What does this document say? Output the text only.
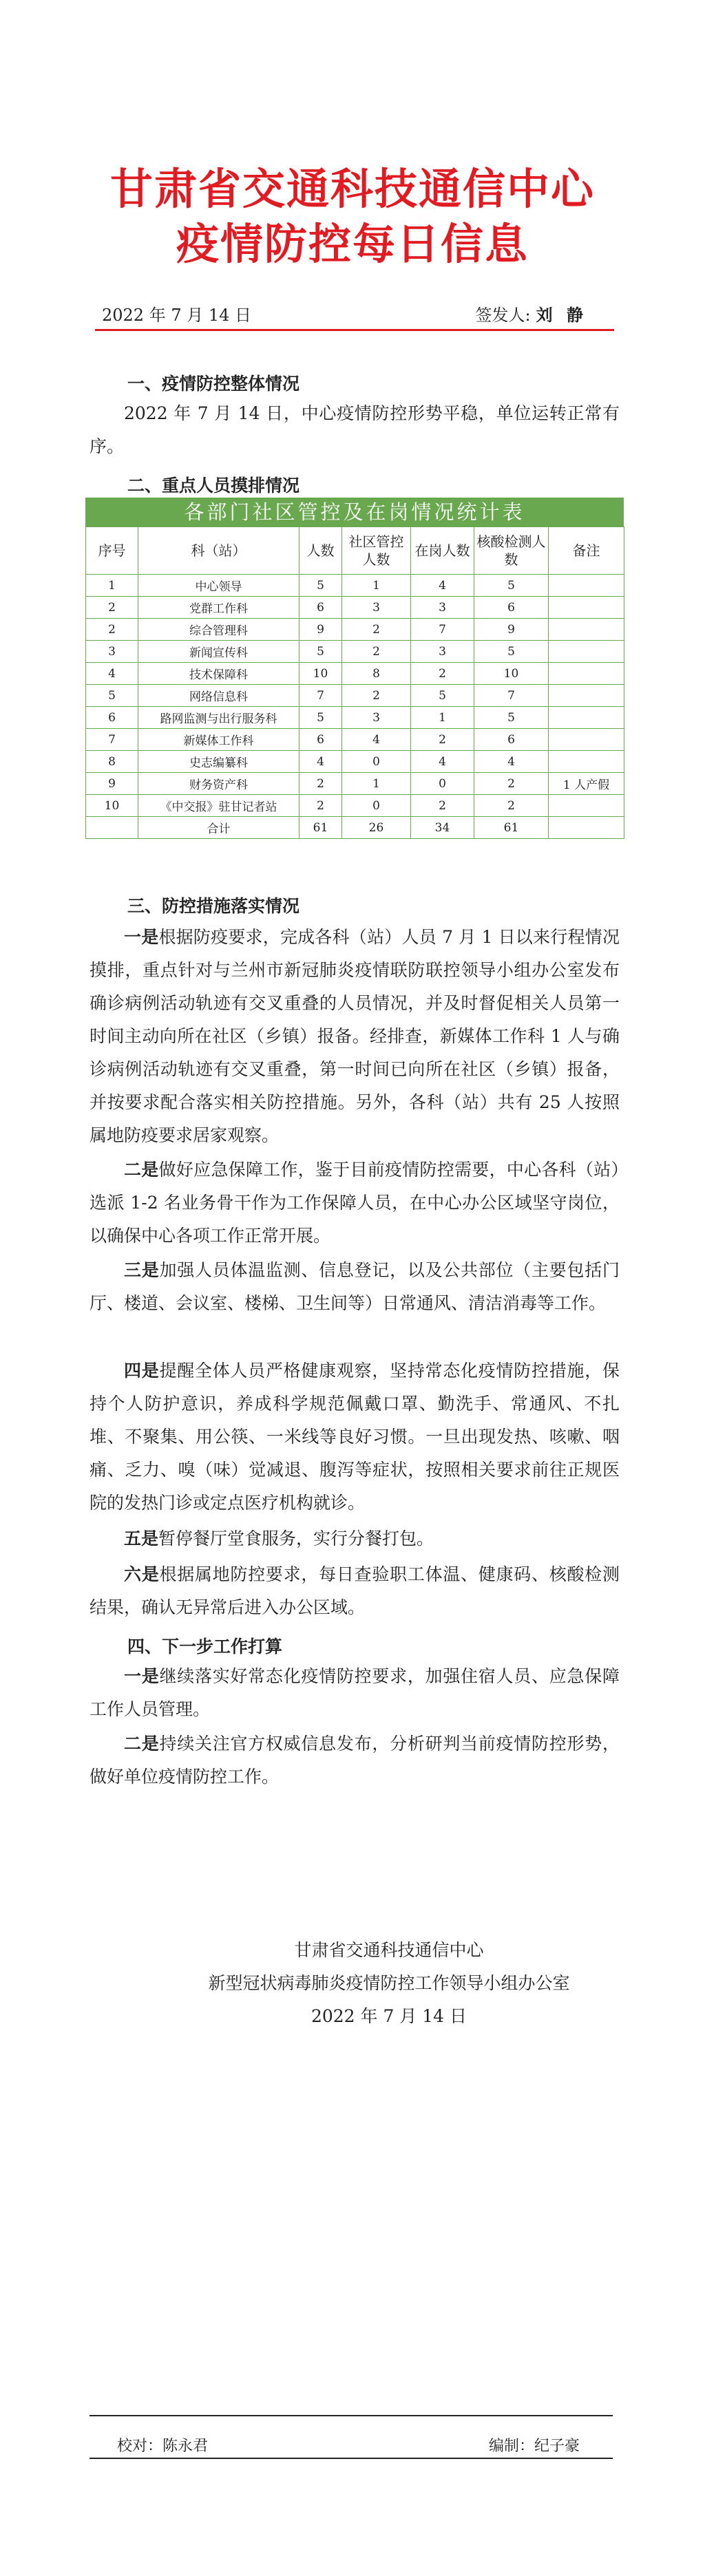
甘肃省交通科技通信中心
疫情防控每日信息
2022 年 7 月 14 日	签发人: 刘 静
一、疫情防控整体情况

2022 年 7 月 14 日，中心疫情防控形势平稳，单位运转正常有序。

二、重点人员摸排情况
各部门社区管控及在岗情况统计表
序号	科（站）	人数	社区管控人数	在岗人数	核酸检测人数	备注
1	中心领导	5	1	4	5	
2	党群工作科	6	3	3	6	
2	综合管理科	9	2	7	9	
3	新闻宣传科	5	2	3	5	
4	技术保障科	10	8	2	10	
5	网络信息科	7	2	5	7	
6	路网监测与出行服务科	5	3	1	5	
7	新媒体工作科	6	4	2	6	
8	史志编纂科	4	0	4	4	
9	财务资产科	2	1	0	2	1 人产假
10	《中交报》驻甘记者站	2	0	2	2	
	合计	61	26	34	61	
三、防控措施落实情况

一是根据防疫要求，完成各科（站）人员 7 月 1 日以来行程情况摸排，重点针对与兰州市新冠肺炎疫情联防联控领导小组办公室发布确诊病例活动轨迹有交叉重叠的人员情况，并及时督促相关人员第一时间主动向所在社区（乡镇）报备。经排查，新媒体工作科 1 人与确诊病例活动轨迹有交叉重叠，第一时间已向所在社区（乡镇）报备，并按要求配合落实相关防控措施。另外，各科（站）共有 25 人按照属地防疫要求居家观察。

二是做好应急保障工作，鉴于目前疫情防控需要，中心各科（站）选派 1-2 名业务骨干作为工作保障人员，在中心办公区域坚守岗位，以确保中心各项工作正常开展。

三是加强人员体温监测、信息登记，以及公共部位（主要包括门厅、楼道、会议室、楼梯、卫生间等）日常通风、清洁消毒等工作。

四是提醒全体人员严格健康观察，坚持常态化疫情防控措施，保持个人防护意识，养成科学规范佩戴口罩、勤洗手、常通风、不扎堆、不聚集、用公筷、一米线等良好习惯。一旦出现发热、咳嗽、咽痛、乏力、嗅（味）觉减退、腹泻等症状，按照相关要求前往正规医院的发热门诊或定点医疗机构就诊。

五是暂停餐厅堂食服务，实行分餐打包。

六是根据属地防控要求，每日查验职工体温、健康码、核酸检测结果，确认无异常后进入办公区域。

四、下一步工作打算

一是继续落实好常态化疫情防控要求，加强住宿人员、应急保障工作人员管理。

二是持续关注官方权威信息发布，分析研判当前疫情防控形势，做好单位疫情防控工作。

甘肃省交通科技通信中心
新型冠状病毒肺炎疫情防控工作领导小组办公室
2022 年 7 月 14 日
校对：陈永君	编制：纪子豪
